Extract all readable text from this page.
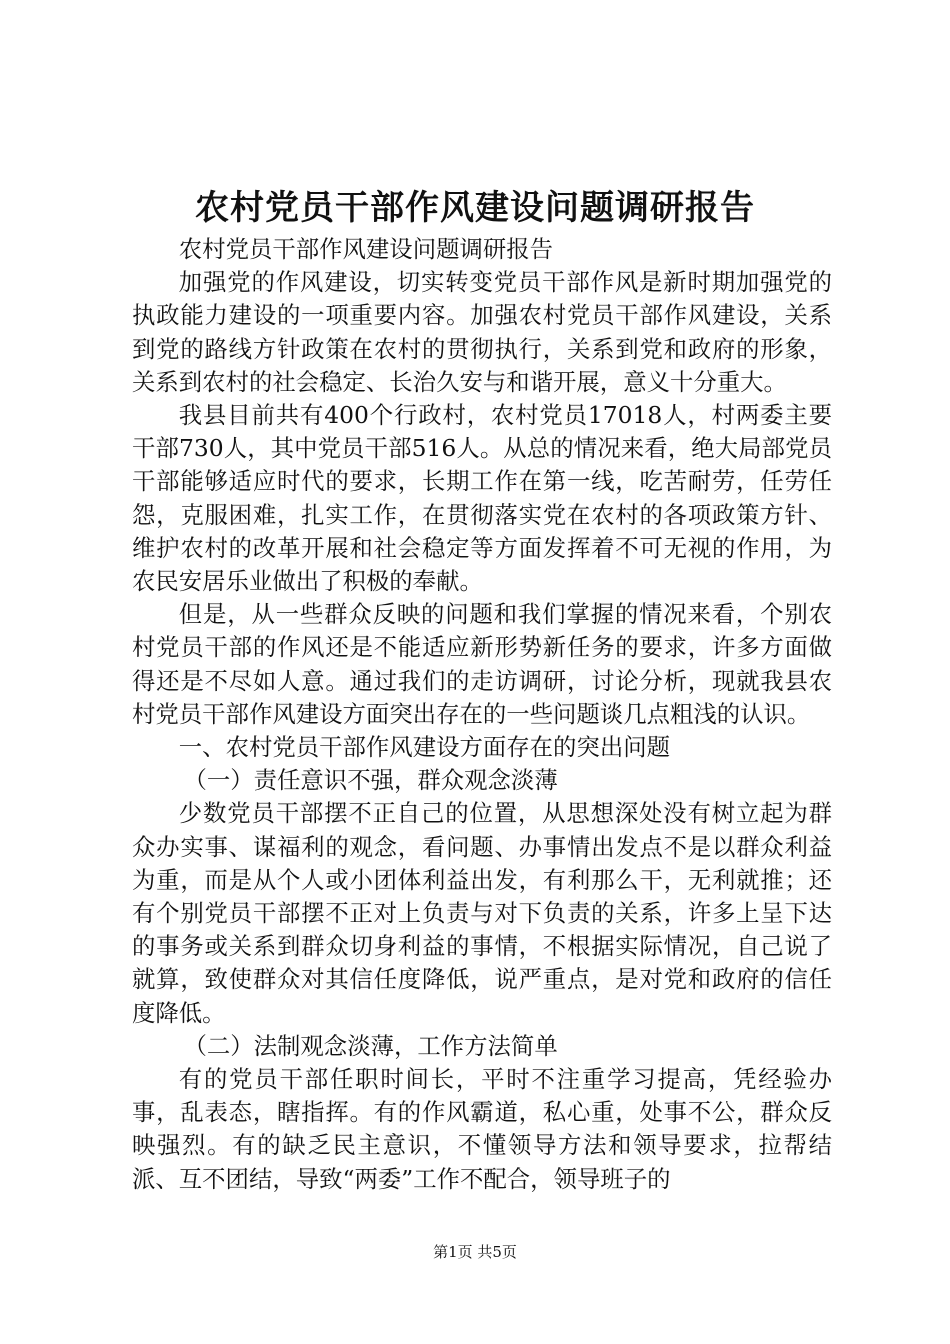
农村党员干部作风建设问题调研报告

农村党员干部作风建设问题调研报告

加强党的作风建设，切实转变党员干部作风是新时期加强党的执政能力建设的一项重要内容。加强农村党员干部作风建设，关系到党的路线方针政策在农村的贯彻执行，关系到党和政府的形象，关系到农村的社会稳定、长治久安与和谐开展，意义十分重大。

我县目前共有400个行政村，农村党员17018人，村两委主要干部730人，其中党员干部516人。从总的情况来看，绝大局部党员干部能够适应时代的要求，长期工作在第一线，吃苦耐劳，任劳任怨，克服困难，扎实工作，在贯彻落实党在农村的各项政策方针、维护农村的改革开展和社会稳定等方面发挥着不可无视的作用，为农民安居乐业做出了积极的奉献。

但是，从一些群众反映的问题和我们掌握的情况来看，个别农村党员干部的作风还是不能适应新形势新任务的要求，许多方面做得还是不尽如人意。通过我们的走访调研，讨论分析，现就我县农村党员干部作风建设方面突出存在的一些问题谈几点粗浅的认识。

一、农村党员干部作风建设方面存在的突出问题

（一）责任意识不强，群众观念淡薄

少数党员干部摆不正自己的位置，从思想深处没有树立起为群众办实事、谋福利的观念，看问题、办事情出发点不是以群众利益为重，而是从个人或小团体利益出发，有利那么干，无利就推；还有个别党员干部摆不正对上负责与对下负责的关系，许多上呈下达的事务或关系到群众切身利益的事情，不根据实际情况，自己说了就算，致使群众对其信任度降低，说严重点，是对党和政府的信任度降低。

（二）法制观念淡薄，工作方法简单

有的党员干部任职时间长，平时不注重学习提高，凭经验办事，乱表态，瞎指挥。有的作风霸道，私心重，处事不公，群众反映强烈。有的缺乏民主意识，不懂领导方法和领导要求，拉帮结派、互不团结，导致“两委”工作不配合，领导班子的

第1页 共5页
